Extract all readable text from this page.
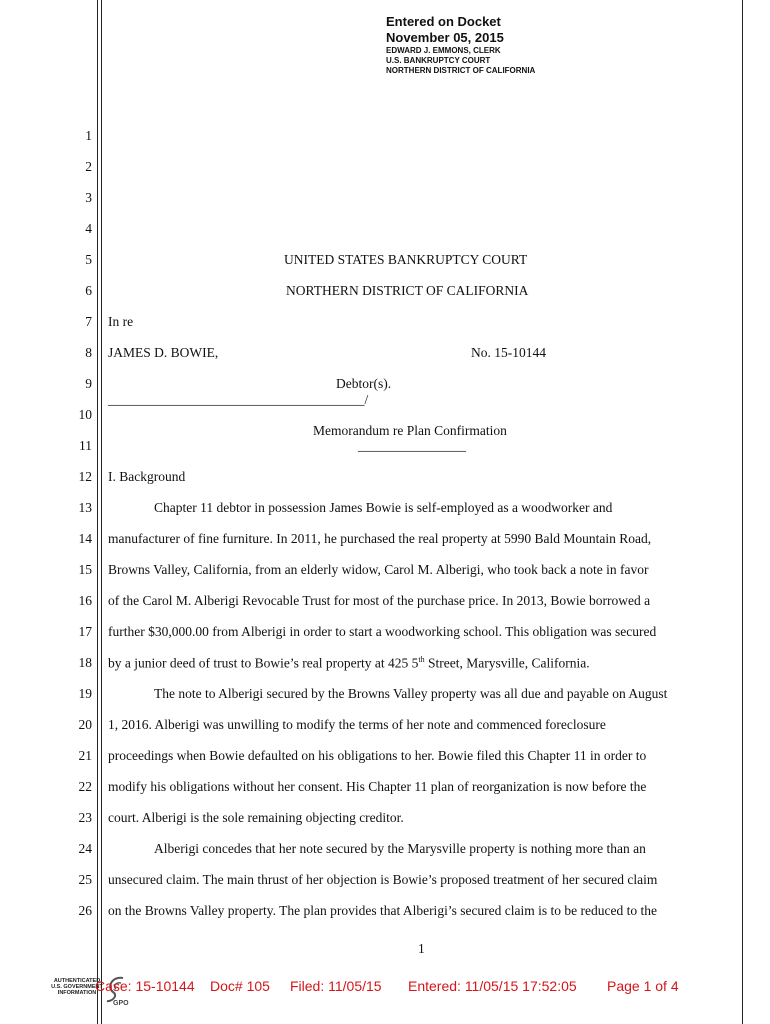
Entered on Docket
November 05, 2015
EDWARD J. EMMONS, CLERK
U.S. BANKRUPTCY COURT
NORTHERN DISTRICT OF CALIFORNIA
1
2
3
4
5
6
7
8
9
10
11
12
13
14
15
16
17
18
19
20
21
22
23
24
25
26
UNITED STATES BANKRUPTCY COURT
NORTHERN DISTRICT OF CALIFORNIA
In re
JAMES D. BOWIE,	No. 15-10144
Debtor(s).
______________________________________/
Memorandum re Plan Confirmation
________________
I. Background
Chapter 11 debtor in possession James Bowie is self-employed as a woodworker and
manufacturer of fine furniture. In 2011, he purchased the real property at 5990 Bald Mountain Road,
Browns Valley, California, from an elderly widow, Carol M. Alberigi, who took back a note in favor
of the Carol M. Alberigi Revocable Trust for most of the purchase price. In 2013, Bowie borrowed a
further $30,000.00 from Alberigi in order to start a woodworking school. This obligation was secured
by a junior deed of trust to Bowie’s real property at 425 5th Street, Marysville, California.
The note to Alberigi secured by the Browns Valley property was all due and payable on August
1, 2016. Alberigi was unwilling to modify the terms of her note and commenced foreclosure
proceedings when Bowie defaulted on his obligations to her. Bowie filed this Chapter 11 in order to
modify his obligations without her consent. His Chapter 11 plan of reorganization is now before the
court. Alberigi is the sole remaining objecting creditor.
Alberigi concedes that her note secured by the Marysville property is nothing more than an
unsecured claim. The main thrust of her objection is Bowie’s proposed treatment of her secured claim
on the Browns Valley property. The plan provides that Alberigi’s secured claim is to be reduced to the
1
AUTHENTICATED
U.S. GOVERNMENT
INFORMATION
GPO
Case: 15-10144 Doc# 105 Filed: 11/05/15 Entered: 11/05/15 17:52:05 Page 1 of 4
